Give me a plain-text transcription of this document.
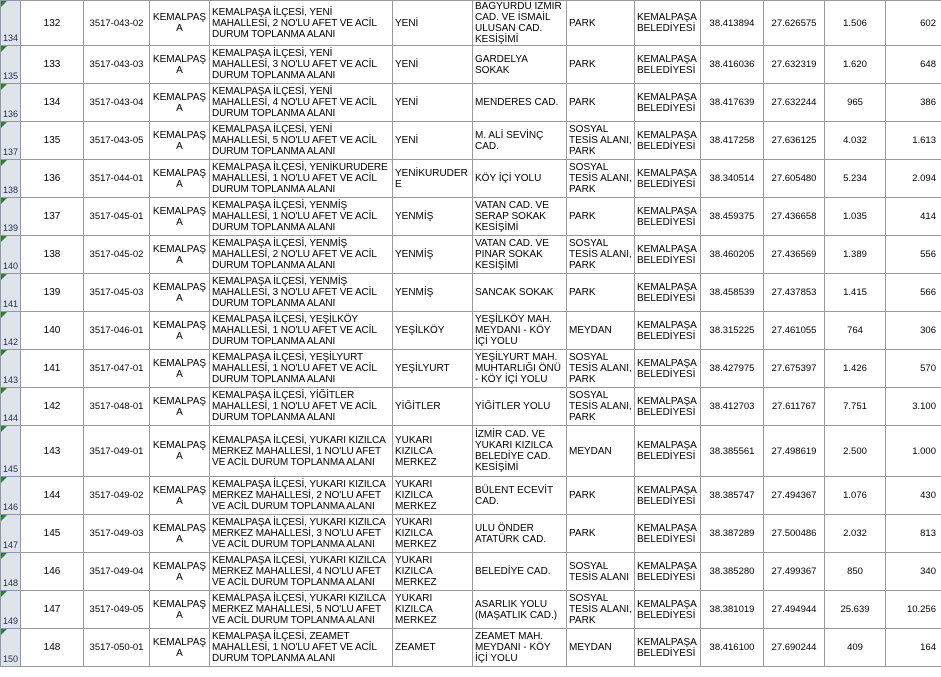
134	132	3517-043-02	KEMALPAŞA	KEMALPAŞA İLÇESİ, YENİ MAHALLESİ, 2 NO'LU AFET VE ACİL DURUM TOPLANMA ALANI	YENİ	BAĞYURDU İZMİR CAD. VE İSMAİL ULUSAN CAD. KESİŞİMİ	PARK	KEMALPAŞA BELEDİYESİ	38.413894	27.626575	1.506	602

135	133	3517-043-03	KEMALPAŞA	KEMALPAŞA İLÇESİ, YENİ MAHALLESİ, 3 NO'LU AFET VE ACİL DURUM TOPLANMA ALANI	YENİ	GARDELYA SOKAK	PARK	KEMALPAŞA BELEDİYESİ	38.416036	27.632319	1.620	648

136	134	3517-043-04	KEMALPAŞA	KEMALPAŞA İLÇESİ, YENİ MAHALLESİ, 4 NO'LU AFET VE ACİL DURUM TOPLANMA ALANI	YENİ	MENDERES CAD.	PARK	KEMALPAŞA BELEDİYESİ	38.417639	27.632244	965	386

137	135	3517-043-05	KEMALPAŞA	KEMALPAŞA İLÇESİ, YENİ MAHALLESİ, 5 NO'LU AFET VE ACİL DURUM TOPLANMA ALANI	YENİ	M. ALİ SEVİNÇ CAD.	SOSYAL TESİS ALANI, PARK	KEMALPAŞA BELEDİYESİ	38.417258	27.636125	4.032	1.613

138	136	3517-044-01	KEMALPAŞA	KEMALPAŞA İLÇESİ, YENİKURUDERE MAHALLESİ, 1 NO'LU AFET VE ACİL DURUM TOPLANMA ALANI	YENİKURUDERE	KÖY İÇİ YOLU	SOSYAL TESİS ALANI, PARK	KEMALPAŞA BELEDİYESİ	38.340514	27.605480	5.234	2.094

139	137	3517-045-01	KEMALPAŞA	KEMALPAŞA İLÇESİ, YENMİŞ MAHALLESİ, 1 NO'LU AFET VE ACİL DURUM TOPLANMA ALANI	YENMİŞ	VATAN CAD. VE SERAP SOKAK KESİŞİMİ	PARK	KEMALPAŞA BELEDİYESİ	38.459375	27.436658	1.035	414

140	138	3517-045-02	KEMALPAŞA	KEMALPAŞA İLÇESİ, YENMİŞ MAHALLESİ, 2 NO'LU AFET VE ACİL DURUM TOPLANMA ALANI	YENMİŞ	VATAN CAD. VE PINAR SOKAK KESİŞİMİ	SOSYAL TESİS ALANI, PARK	KEMALPAŞA BELEDİYESİ	38.460205	27.436569	1.389	556

141	139	3517-045-03	KEMALPAŞA	KEMALPAŞA İLÇESİ, YENMİŞ MAHALLESİ, 3 NO'LU AFET VE ACİL DURUM TOPLANMA ALANI	YENMİŞ	SANCAK SOKAK	PARK	KEMALPAŞA BELEDİYESİ	38.458539	27.437853	1.415	566

142	140	3517-046-01	KEMALPAŞA	KEMALPAŞA İLÇESİ, YEŞİLKÖY MAHALLESİ, 1 NO'LU AFET VE ACİL DURUM TOPLANMA ALANI	YEŞİLKÖY	YEŞİLKÖY MAH. MEYDANI - KÖY İÇİ YOLU	MEYDAN	KEMALPAŞA BELEDİYESİ	38.315225	27.461055	764	306

143	141	3517-047-01	KEMALPAŞA	KEMALPAŞA İLÇESİ, YEŞİLYURT MAHALLESİ, 1 NO'LU AFET VE ACİL DURUM TOPLANMA ALANI	YEŞİLYURT	YEŞİLYURT MAH. MUHTARLIĞI ÖNÜ - KÖY İÇİ YOLU	SOSYAL TESİS ALANI, PARK	KEMALPAŞA BELEDİYESİ	38.427975	27.675397	1.426	570

144	142	3517-048-01	KEMALPAŞA	KEMALPAŞA İLÇESİ, YİĞİTLER MAHALLESİ, 1 NO'LU AFET VE ACİL DURUM TOPLANMA ALANI	YİĞİTLER	YİĞİTLER YOLU	SOSYAL TESİS ALANI, PARK	KEMALPAŞA BELEDİYESİ	38.412703	27.611767	7.751	3.100

145	143	3517-049-01	KEMALPAŞA	KEMALPAŞA İLÇESİ, YUKARI KIZILCA MERKEZ MAHALLESİ, 1 NO'LU AFET VE ACİL DURUM TOPLANMA ALANI	YUKARI KIZILCA MERKEZ	İZMİR CAD. VE YUKARI KIZILCA BELEDİYE CAD. KESİŞİMİ	MEYDAN	KEMALPAŞA BELEDİYESİ	38.385561	27.498619	2.500	1.000

146	144	3517-049-02	KEMALPAŞA	KEMALPAŞA İLÇESİ, YUKARI KIZILCA MERKEZ MAHALLESİ, 2 NO'LU AFET VE ACİL DURUM TOPLANMA ALANI	YUKARI KIZILCA MERKEZ	BÜLENT ECEVİT CAD.	PARK	KEMALPAŞA BELEDİYESİ	38.385747	27.494367	1.076	430

147	145	3517-049-03	KEMALPAŞA	KEMALPAŞA İLÇESİ, YUKARI KIZILCA MERKEZ MAHALLESİ, 3 NO'LU AFET VE ACİL DURUM TOPLANMA ALANI	YUKARI KIZILCA MERKEZ	ULU ÖNDER ATATÜRK CAD.	PARK	KEMALPAŞA BELEDİYESİ	38.387289	27.500486	2.032	813

148	146	3517-049-04	KEMALPAŞA	KEMALPAŞA İLÇESİ, YUKARI KIZILCA MERKEZ MAHALLESİ, 4 NO'LU AFET VE ACİL DURUM TOPLANMA ALANI	YUKARI KIZILCA MERKEZ	BELEDİYE CAD.	SOSYAL TESİS ALANI	KEMALPAŞA BELEDİYESİ	38.385280	27.499367	850	340

149	147	3517-049-05	KEMALPAŞA	KEMALPAŞA İLÇESİ, YUKARI KIZILCA MERKEZ MAHALLESİ, 5 NO'LU AFET VE ACİL DURUM TOPLANMA ALANI	YUKARI KIZILCA MERKEZ	ASARLIK YOLU (MAŞATLIK CAD.)	SOSYAL TESİS ALANI, PARK	KEMALPAŞA BELEDİYESİ	38.381019	27.494944	25.639	10.256

150	148	3517-050-01	KEMALPAŞA	KEMALPAŞA İLÇESİ, ZEAMET MAHALLESİ, 1 NO'LU AFET VE ACİL DURUM TOPLANMA ALANI	ZEAMET	ZEAMET MAH. MEYDANI - KÖY İÇİ YOLU	MEYDAN	KEMALPAŞA BELEDİYESİ	38.416100	27.690244	409	164
